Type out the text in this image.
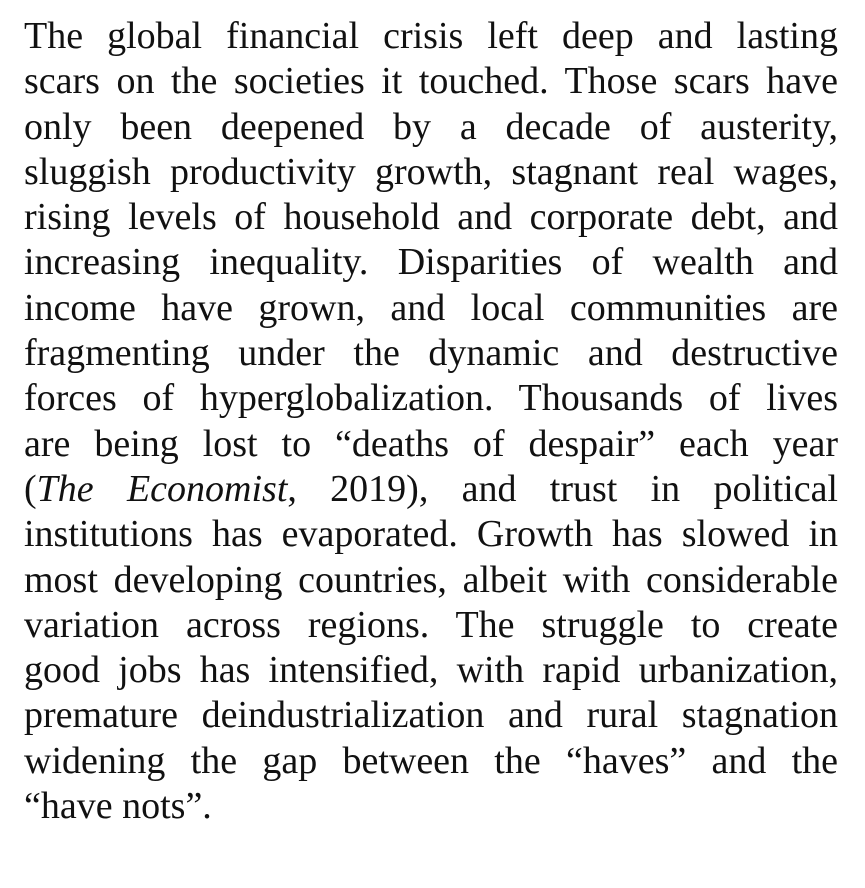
The global financial crisis left deep and lasting
scars on the societies it touched. Those scars have
only been deepened by a decade of austerity,
sluggish productivity growth, stagnant real wages,
rising levels of household and corporate debt, and
increasing inequality. Disparities of wealth and
income have grown, and local communities are
fragmenting under the dynamic and destructive
forces of hyperglobalization. Thousands of lives
are being lost to “deaths of despair” each year
(The Economist, 2019), and trust in political
institutions has evaporated. Growth has slowed in
most developing countries, albeit with considerable
variation across regions. The struggle to create
good jobs has intensified, with rapid urbanization,
premature deindustrialization and rural stagnation
widening the gap between the “haves” and the
“have nots”.
